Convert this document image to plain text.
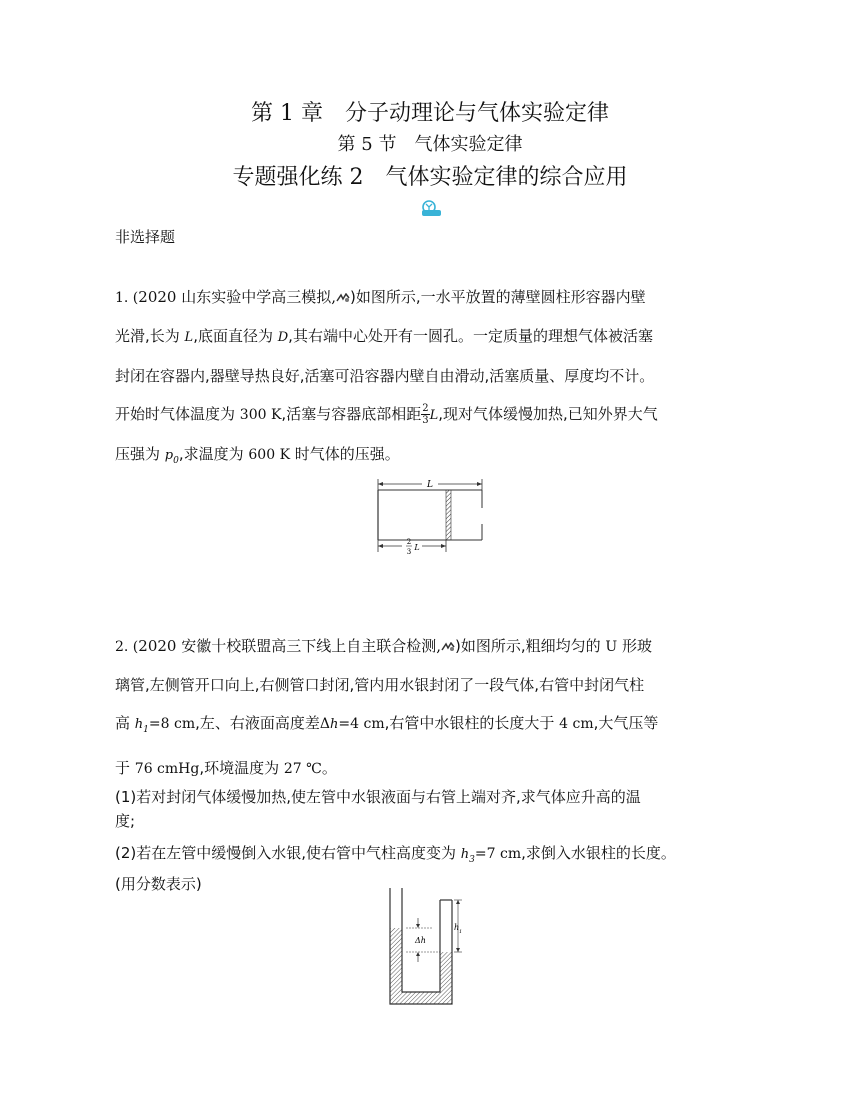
第 1 章　分子动理论与气体实验定律
第 5 节　气体实验定律
专题强化练 2　气体实验定律的综合应用
非选择题
1. (2020 山东实验中学高三模拟, )如图所示,一水平放置的薄壁圆柱形容器内壁
光滑,长为 L,底面直径为 D,其右端中心处开有一圆孔。一定质量的理想气体被活塞
封闭在容器内,器壁导热良好,活塞可沿容器内壁自由滑动,活塞质量、厚度均不计。
开始时气体温度为 300 K,活塞与容器底部相距 $\frac{2}{3} L$,现对气体缓慢加热,已知外界大气
压强为 $p_0$,求温度为 600 K 时气体的压强。
L
2
3 L
2. (2020 安徽十校联盟高三下线上自主联合检测, )如图所示,粗细均匀的 U 形玻
璃管,左侧管开口向上,右侧管口封闭,管内用水银封闭了一段气体,右管中封闭气柱
高 $h_1=8$ cm,左、右液面高度差Δh=4 cm,右管中水银柱的长度大于 4 cm,大气压等
于 76 cmHg,环境温度为 27 ℃。
(1)若对封闭气体缓慢加热,使左管中水银液面与右管上端对齐,求气体应升高的温
度;
(2)若在左管中缓慢倒入水银,使右管中气柱高度变为 $h_3=7$ cm,求倒入水银柱的长度。
(用分数表示)
Δh
h 1
